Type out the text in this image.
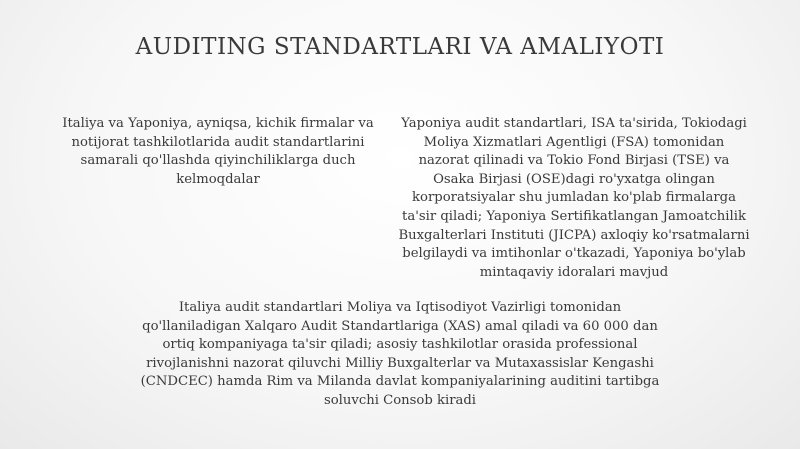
AUDITING STANDARTLARI VA AMALIYOTI

Italiya va Yaponiya, ayniqsa, kichik firmalar va notijorat tashkilotlarida audit standartlarini samarali qo'llashda qiyinchiliklarga duch kelmoqdalar

Yaponiya audit standartlari, ISA ta'sirida, Tokiodagi Moliya Xizmatlari Agentligi (FSA) tomonidan nazorat qilinadi va Tokio Fond Birjasi (TSE) va Osaka Birjasi (OSE)dagi ro'yxatga olingan korporatsiyalar shu jumladan ko'plab firmalarga ta'sir qiladi; Yaponiya Sertifikatlangan Jamoatchilik Buxgalterlari Instituti (JICPA) axloqiy ko'rsatmalarni belgilaydi va imtihonlar o'tkazadi, Yaponiya bo'ylab mintaqaviy idoralari mavjud

Italiya audit standartlari Moliya va Iqtisodiyot Vazirligi tomonidan qo'llaniladigan Xalqaro Audit Standartlariga (XAS) amal qiladi va 60 000 dan ortiq kompaniyaga ta'sir qiladi; asosiy tashkilotlar orasida professional rivojlanishni nazorat qiluvchi Milliy Buxgalterlar va Mutaxassislar Kengashi (CNDCEC) hamda Rim va Milanda davlat kompaniyalarining auditini tartibga soluvchi Consob kiradi
